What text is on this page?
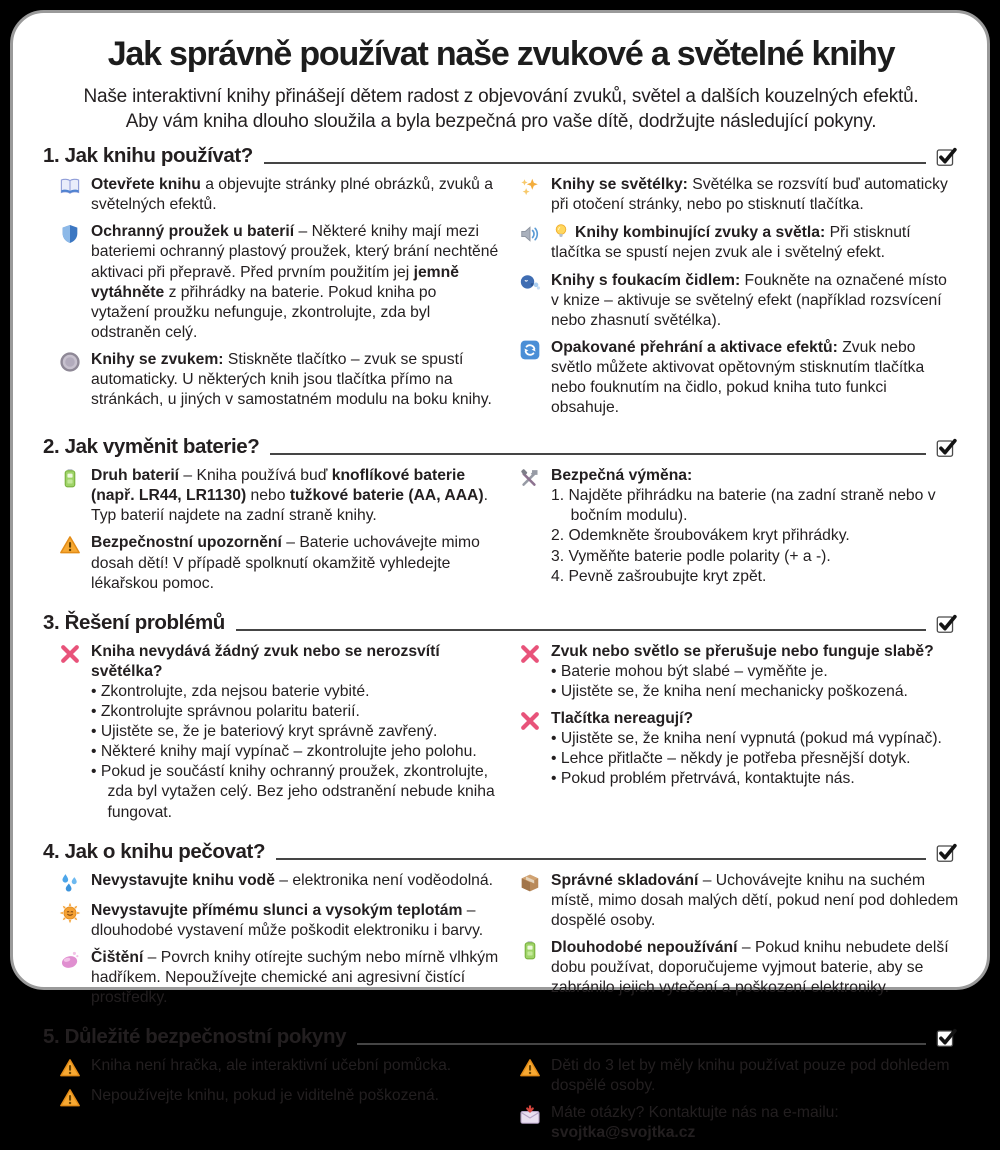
Jak správně používat naše zvukové a světelné knihy
Naše interaktivní knihy přinášejí dětem radost z objevování zvuků, světel a dalších kouzelných efektů.
Aby vám kniha dlouho sloužila a byla bezpečná pro vaše dítě, dodržujte následující pokyny.
1. Jak knihu používat?

Otevřete knihu a objevujte stránky plné obrázků, zvuků a světelných efektů.

Ochranný proužek u baterií – Některé knihy mají mezi bateriemi ochranný plastový proužek, který brání nechtěné aktivaci při přepravě. Před prvním použitím jej jemně vytáhněte z přihrádky na baterie. Pokud kniha po vytažení proužku nefunguje, zkontrolujte, zda byl odstraněn celý.

Knihy se zvukem: Stiskněte tlačítko – zvuk se spustí automaticky. U některých knih jsou tlačítka přímo na stránkách, u jiných v samostatném modulu na boku knihy.

Knihy se světélky: Světélka se rozsvítí buď automaticky při otočení stránky, nebo po stisknutí tlačítka.

Knihy kombinující zvuky a světla: Při stisknutí tlačítka se spustí nejen zvuk ale i světelný efekt.

Knihy s foukacím čidlem: Foukněte na označené místo v knize – aktivuje se světelný efekt (například rozsvícení nebo zhasnutí světélka).

Opakované přehrání a aktivace efektů: Zvuk nebo světlo můžete aktivovat opětovným stisknutím tlačítka nebo fouknutím na čidlo, pokud kniha tuto funkci obsahuje.

2. Jak vyměnit baterie?

Druh baterií – Kniha používá buď knoflíkové baterie (např. LR44, LR1130) nebo tužkové baterie (AA, AAA). Typ baterií najdete na zadní straně knihy.

Bezpečnostní upozornění – Baterie uchovávejte mimo dosah dětí! V případě spolknutí okamžitě vyhledejte lékařskou pomoc.

Bezpečná výměna:

1. Najděte přihrádku na baterie (na zadní straně nebo v bočním modulu).
2. Odemkněte šroubovákem kryt přihrádky.
3. Vyměňte baterie podle polarity (+ a -).
4. Pevně zašroubujte kryt zpět.
3. Řešení problémů

Kniha nevydává žádný zvuk nebo se nerozsvítí světélka?

• Zkontrolujte, zda nejsou baterie vybité.
• Zkontrolujte správnou polaritu baterií.
• Ujistěte se, že je bateriový kryt správně zavřený.
• Některé knihy mají vypínač – zkontrolujte jeho polohu.
• Pokud je součástí knihy ochranný proužek, zkontrolujte, zda byl vytažen celý. Bez jeho odstranění nebude kniha fungovat.

Zvuk nebo světlo se přerušuje nebo funguje slabě?

• Baterie mohou být slabé – vyměňte je.
• Ujistěte se, že kniha není mechanicky poškozená.

Tlačítka nereagují?

• Ujistěte se, že kniha není vypnutá (pokud má vypínač).
• Lehce přitlačte – někdy je potřeba přesnější dotyk.
• Pokud problém přetrvává, kontaktujte nás.
4. Jak o knihu pečovat?

Nevystavujte knihu vodě – elektronika není voděodolná.

Nevystavujte přímému slunci a vysokým teplotám – dlouhodobé vystavení může poškodit elektroniku i barvy.

Čištění – Povrch knihy otírejte suchým nebo mírně vlhkým hadříkem. Nepoužívejte chemické ani agresivní čistící prostředky.

Správné skladování – Uchovávejte knihu na suchém místě, mimo dosah malých dětí, pokud není pod dohledem dospělé osoby.

Dlouhodobé nepoužívání – Pokud knihu nebudete delší dobu používat, doporučujeme vyjmout baterie, aby se zabránilo jejich vytečení a poškození elektroniky.

5. Důležité bezpečnostní pokyny

Kniha není hračka, ale interaktivní učební pomůcka.

Nepoužívejte knihu, pokud je viditelně poškozená.

Děti do 3 let by měly knihu používat pouze pod dohledem dospělé osoby.

Máte otázky? Kontaktujte nás na e-mailu: svojtka@svojtka.cz
